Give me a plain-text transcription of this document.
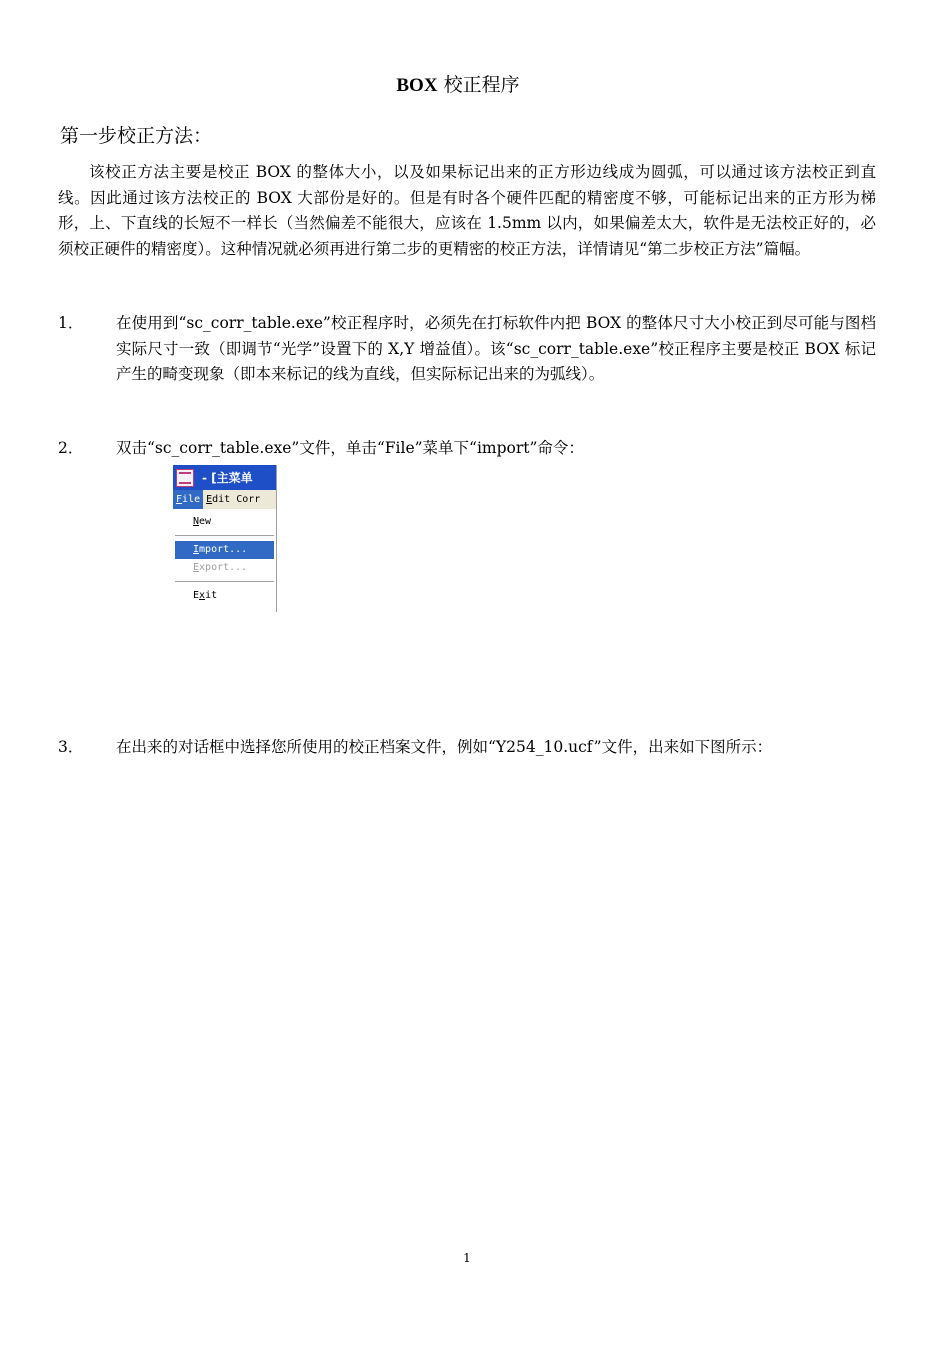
BOX 校正程序
第一步校正方法：

该校正方法主要是校正 BOX 的整体大小，以及如果标记出来的正方形边线成为圆弧，可以通过该方法校正到直线。因此通过该方法校正的 BOX 大部份是好的。但是有时各个硬件匹配的精密度不够，可能标记出来的正方形为梯形，上、下直线的长短不一样长（当然偏差不能很大，应该在 1.5mm 以内，如果偏差太大，软件是无法校正好的，必须校正硬件的精密度）。这种情况就必须再进行第二步的更精密的校正方法，详情请见“第二步校正方法”篇幅。

1．	在使用到“sc_corr_table.exe”校正程序时，必须先在打标软件内把 BOX 的整体尺寸大小校正到尽可能与图档实际尺寸一致（即调节“光学”设置下的 X,Y 增益值）。该“sc_corr_table.exe”校正程序主要是校正 BOX 标记产生的畸变现象（即本来标记的线为直线，但实际标记出来的为弧线）。
2．	双击“sc_corr_table.exe”文件，单击“File”菜单下“import”命令：
- [主菜单
File Edit Corr
New
Import...
Export...
Exit
3．	在出来的对话框中选择您所使用的校正档案文件，例如“Y254_10.ucf”文件，出来如下图所示：
1
